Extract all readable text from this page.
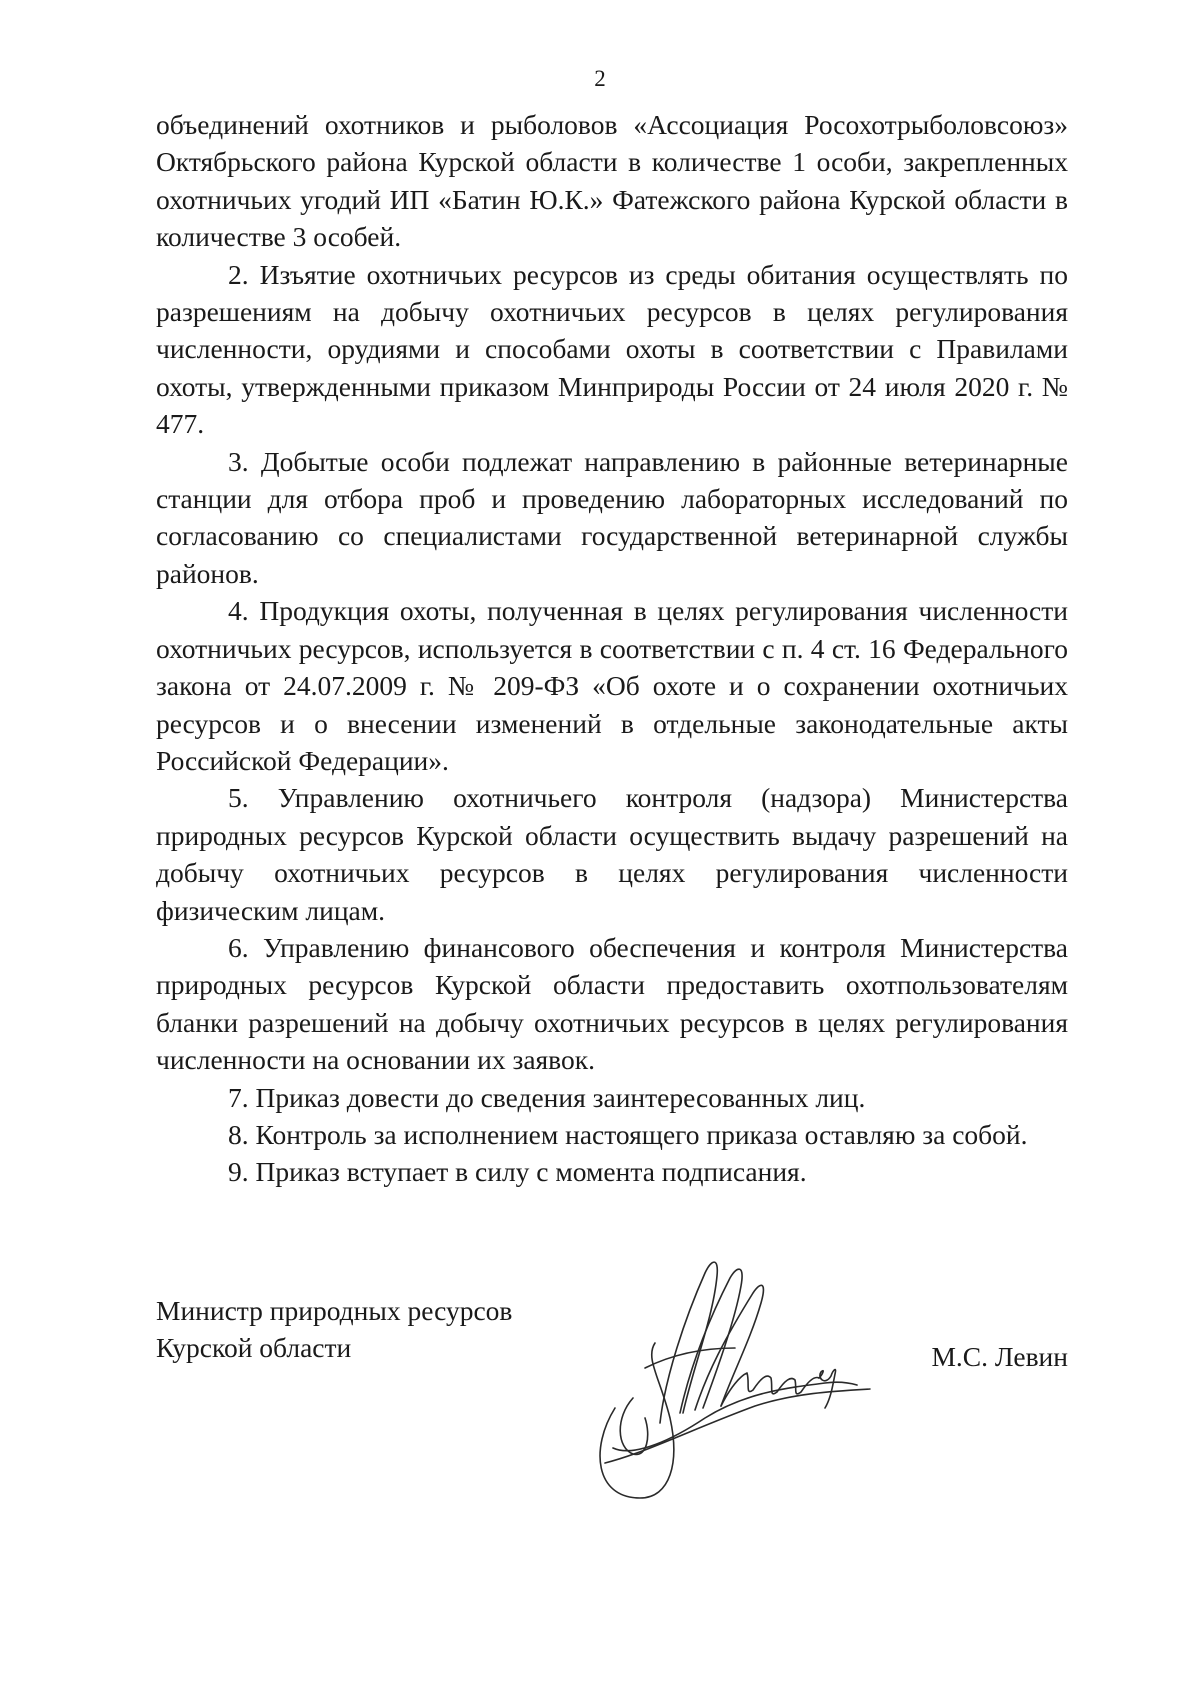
2

объединений охотников и рыболовов «Ассоциация Росохотрыболовсоюз» Октябрьского района Курской области в количестве 1 особи, закрепленных охотничьих угодий ИП «Батин Ю.К.» Фатежского района Курской области в количестве 3 особей.

2. Изъятие охотничьих ресурсов из среды обитания осуществлять по разрешениям на добычу охотничьих ресурсов в целях регулирования численности, орудиями и способами охоты в соответствии с Правилами охоты, утвержденными приказом Минприроды России от 24 июля 2020 г. № 477.

3. Добытые особи подлежат направлению в районные ветеринарные станции для отбора проб и проведению лабораторных исследований по согласованию со специалистами государственной ветеринарной службы районов.

4. Продукция охоты, полученная в целях регулирования численности охотничьих ресурсов, используется в соответствии с п. 4 ст. 16 Федерального закона от 24.07.2009 г. № 209-ФЗ «Об охоте и о сохранении охотничьих ресурсов и о внесении изменений в отдельные законодательные акты Российской Федерации».

5. Управлению охотничьего контроля (надзора) Министерства природных ресурсов Курской области осуществить выдачу разрешений на добычу охотничьих ресурсов в целях регулирования численности физическим лицам.

6. Управлению финансового обеспечения и контроля Министерства природных ресурсов Курской области предоставить охотпользователям бланки разрешений на добычу охотничьих ресурсов в целях регулирования численности на основании их заявок.

7. Приказ довести до сведения заинтересованных лиц.

8. Контроль за исполнением настоящего приказа оставляю за собой.

9. Приказ вступает в силу с момента подписания.

Министр природных ресурсов
Курской области	М.С. Левин
